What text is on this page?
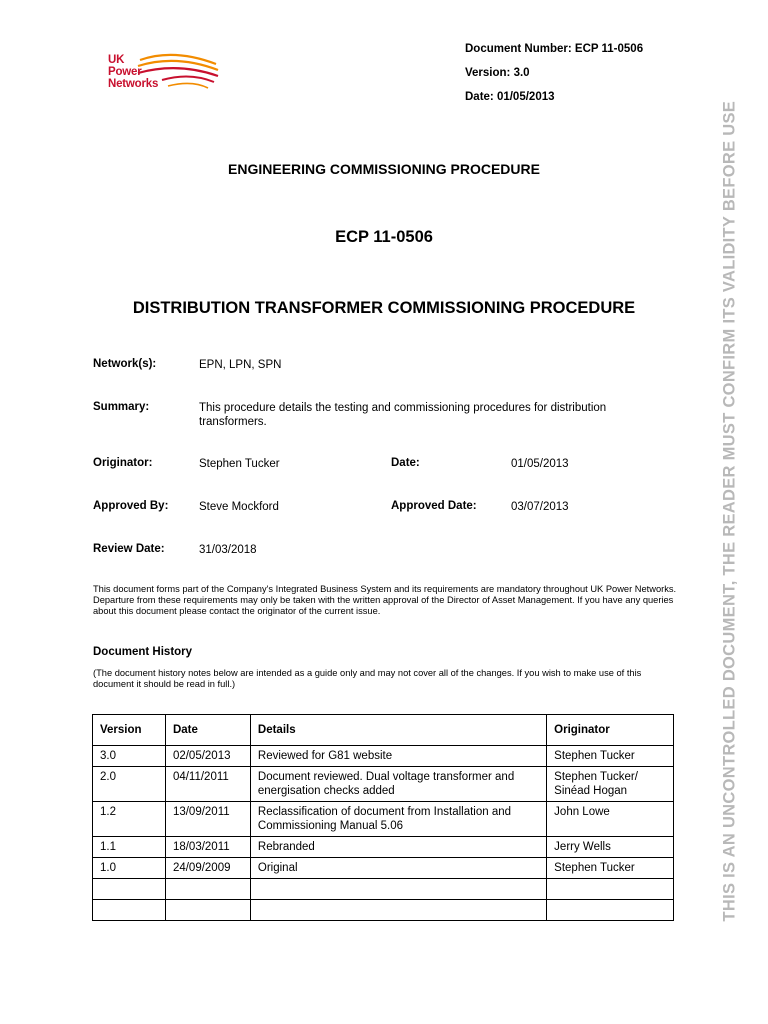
UK
Power
Networks
Document Number: ECP 11-0506
Version: 3.0
Date: 01/05/2013
ENGINEERING COMMISSIONING PROCEDURE
ECP 11-0506
DISTRIBUTION TRANSFORMER COMMISSIONING PROCEDURE
Network(s):	EPN, LPN, SPN
Summary:	This procedure details the testing and commissioning procedures for distribution transformers.
Originator:	Stephen Tucker	Date:	01/05/2013
Approved By:	Steve Mockford	Approved Date:	03/07/2013
Review Date:	31/03/2018
This document forms part of the Company's Integrated Business System and its requirements are mandatory throughout UK Power Networks. Departure from these requirements may only be taken with the written approval of the Director of Asset Management. If you have any queries about this document please contact the originator of the current issue.
Document History
(The document history notes below are intended as a guide only and may not cover all of the changes. If you wish to make use of this document it should be read in full.)
Version	Date	Details	Originator
3.0	02/05/2013	Reviewed for G81 website	Stephen Tucker
2.0	04/11/2011	Document reviewed. Dual voltage transformer and energisation checks added	Stephen Tucker/ Sinéad Hogan
1.2	13/09/2011	Reclassification of document from Installation and Commissioning Manual 5.06	John Lowe
1.1	18/03/2011	Rebranded	Jerry Wells
1.0	24/09/2009	Original	Stephen Tucker

				THIS IS AN UNCONTROLLED DOCUMENT, THE READER MUST CONFIRM ITS VALIDITY BEFORE USE
